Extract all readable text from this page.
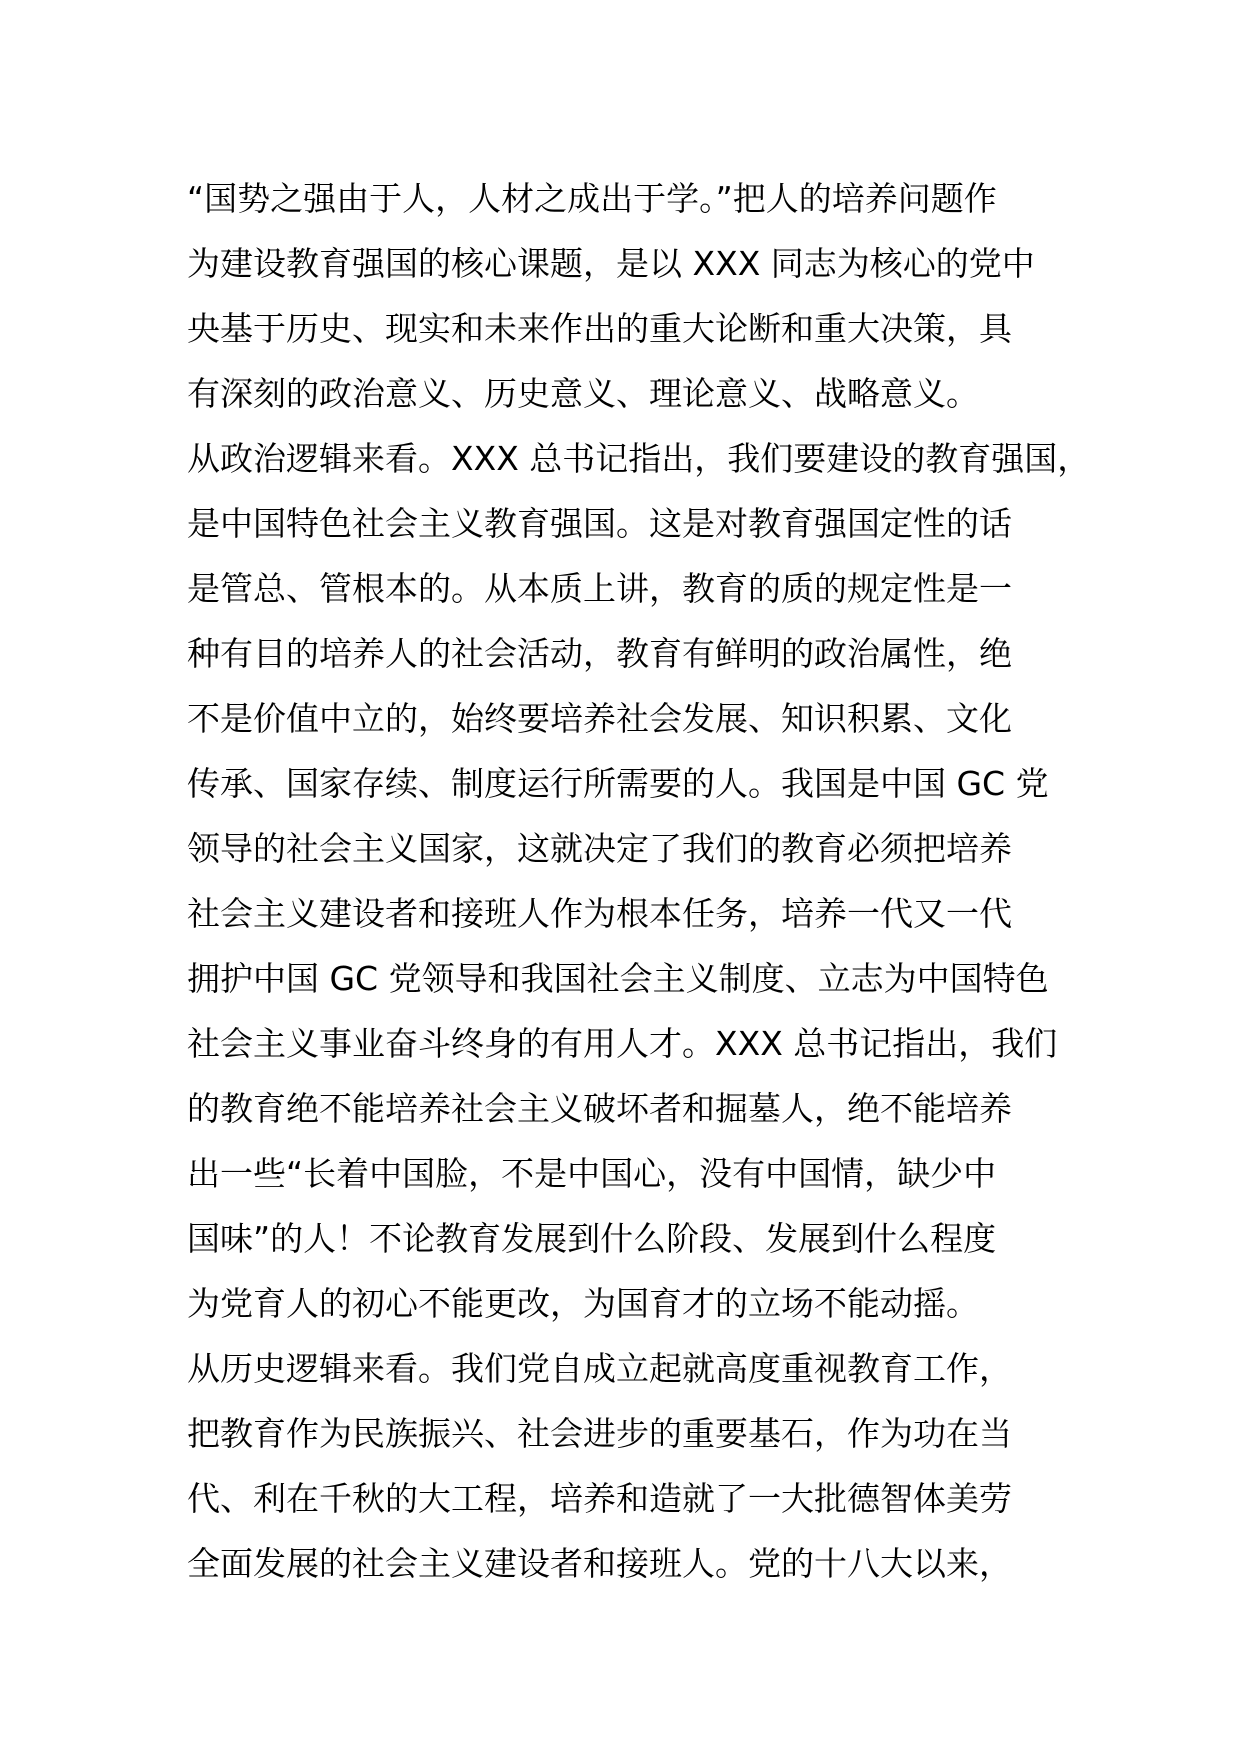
“国势之强由于人，人材之成出于学。”把人的培养问题作
为建设教育强国的核心课题，是以 XXX 同志为核心的党中
央基于历史、现实和未来作出的重大论断和重大决策，具
有深刻的政治意义、历史意义、理论意义、战略意义。
从政治逻辑来看。XXX 总书记指出，我们要建设的教育强国，
是中国特色社会主义教育强国。这是对教育强国定性的话
是管总、管根本的。从本质上讲，教育的质的规定性是一
种有目的培养人的社会活动，教育有鲜明的政治属性，绝
不是价值中立的，始终要培养社会发展、知识积累、文化
传承、国家存续、制度运行所需要的人。我国是中国 GC 党
领导的社会主义国家，这就决定了我们的教育必须把培养
社会主义建设者和接班人作为根本任务，培养一代又一代
拥护中国 GC 党领导和我国社会主义制度、立志为中国特色
社会主义事业奋斗终身的有用人才。XXX 总书记指出，我们
的教育绝不能培养社会主义破坏者和掘墓人，绝不能培养
出一些“长着中国脸，不是中国心，没有中国情，缺少中
国味”的人！不论教育发展到什么阶段、发展到什么程度
为党育人的初心不能更改，为国育才的立场不能动摇。
从历史逻辑来看。我们党自成立起就高度重视教育工作，
把教育作为民族振兴、社会进步的重要基石，作为功在当
代、利在千秋的大工程，培养和造就了一大批德智体美劳
全面发展的社会主义建设者和接班人。党的十八大以来，
